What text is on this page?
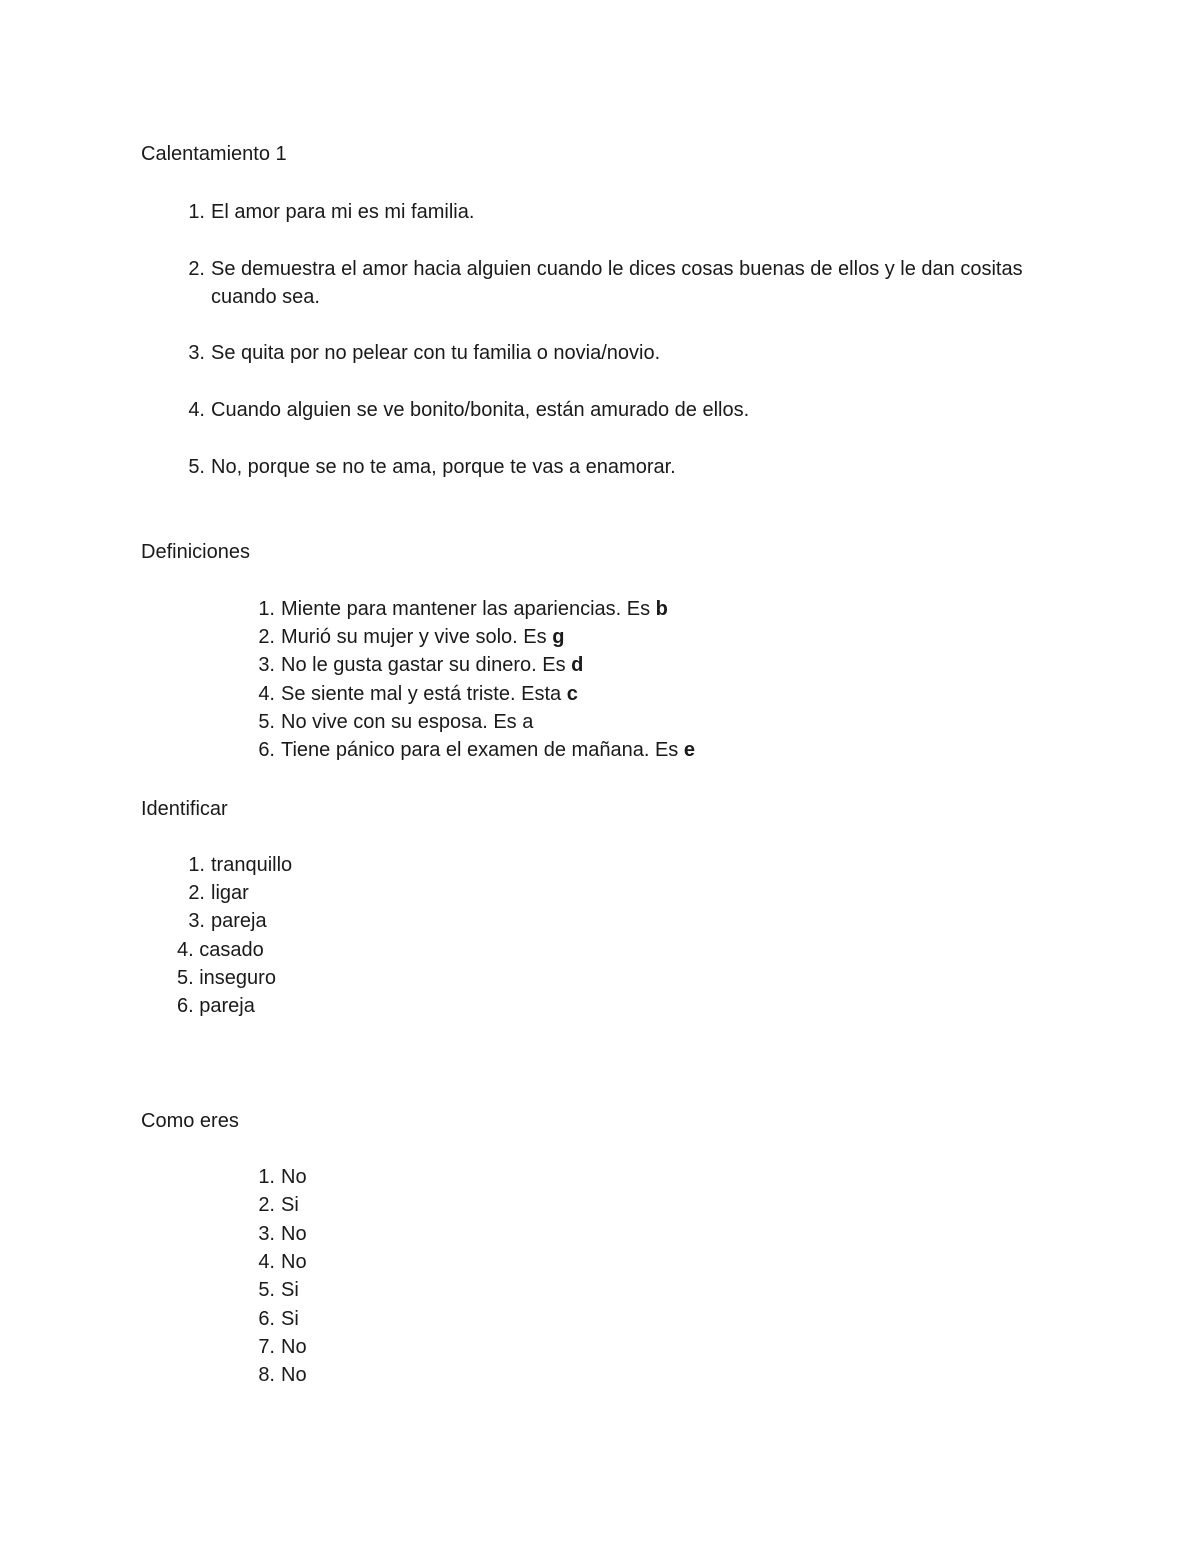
Calentamiento 1
1. El amor para mi es mi familia.
2. Se demuestra el amor hacia alguien cuando le dices cosas buenas de ellos y le dan cositas cuando sea.
3. Se quita por no pelear con tu familia o novia/novio.
4. Cuando alguien se ve bonito/bonita, están amurado de ellos.
5. No, porque se no te ama, porque te vas a enamorar.
Definiciones
1. Miente para mantener las apariencias. Es b
2. Murió su mujer y vive solo. Es g
3. No le gusta gastar su dinero. Es d
4. Se siente mal y está triste. Esta c
5. No vive con su esposa. Es a
6. Tiene pánico para el examen de mañana. Es e
Identificar
1. tranquillo
2. ligar
3. pareja
4. casado
5. inseguro
6. pareja
Como eres
1. No
2. Si
3. No
4. No
5. Si
6. Si
7. No
8. No
